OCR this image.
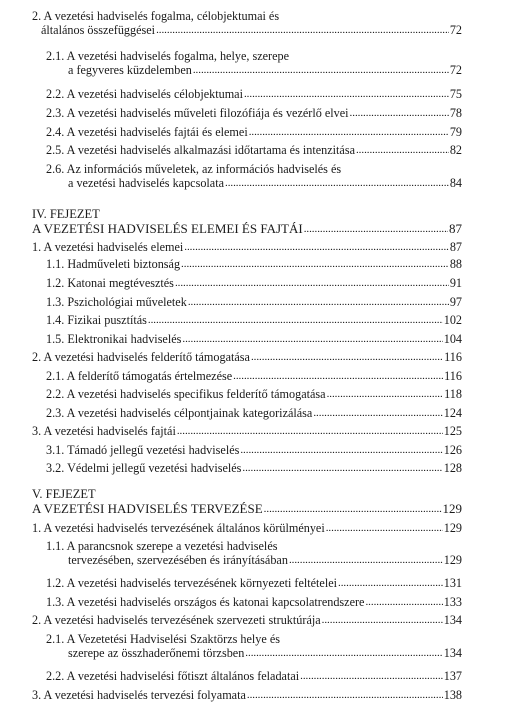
2. A vezetési hadviselés fogalma, célobjektumai és
általános összefüggései . . .	72
2.1. A vezetési hadviselés fogalma, helye, szerepe
a fegyveres küzdelemben . . .	72
2.2. A vezetési hadviselés célobjektumai . . .	75
2.3. A vezetési hadviselés műveleti filozófiája és vezérlő elvei . . .	78
2.4. A vezetési hadviselés fajtái és elemei . . .	79
2.5. A vezetési hadviselés alkalmazási időtartama és intenzitása . . .	82
2.6. Az információs műveletek, az információs hadviselés és
a vezetési hadviselés kapcsolata . . .	84
IV. FEJEZET
A VEZETÉSI HADVISELÉS ELEMEI ÉS FAJTÁI . . .	87
1. A vezetési hadviselés elemei . . .	87
1.1. Hadműveleti biztonság . . .	88
1.2. Katonai megtévesztés . . .	91
1.3. Pszichológiai műveletek . . .	97
1.4. Fizikai pusztítás . . .	102
1.5. Elektronikai hadviselés . . .	104
2. A vezetési hadviselés felderítő támogatása . . .	116
2.1. A felderítő támogatás értelmezése . . .	116
2.2. A vezetési hadviselés specifikus felderítő támogatása . . .	118
2.3. A vezetési hadviselés célpontjainak kategorizálása . . .	124
3. A vezetési hadviselés fajtái . . .	125
3.1. Támadó jellegű vezetési hadviselés . . .	126
3.2. Védelmi jellegű vezetési hadviselés . . .	128
V. FEJEZET
A VEZETÉSI HADVISELÉS TERVEZÉSE . . .	129
1. A vezetési hadviselés tervezésének általános körülményei . . .	129
1.1. A parancsnok szerepe a vezetési hadviselés
tervezésében, szervezésében és irányításában . . .	129
1.2. A vezetési hadviselés tervezésének környezeti feltételei . . .	131
1.3. A vezetési hadviselés országos és katonai kapcsolatrendszere . . .	133
2. A vezetési hadviselés tervezésének szervezeti struktúrája . . .	134
2.1. A Vezetetési Hadviselési Szaktörzs helye és
szerepe az összhaderőnemi törzsben . . .	134
2.2. A vezetési hadviselési főtiszt általános feladatai . . .	137
3. A vezetési hadviselés tervezési folyamata . . .	138
